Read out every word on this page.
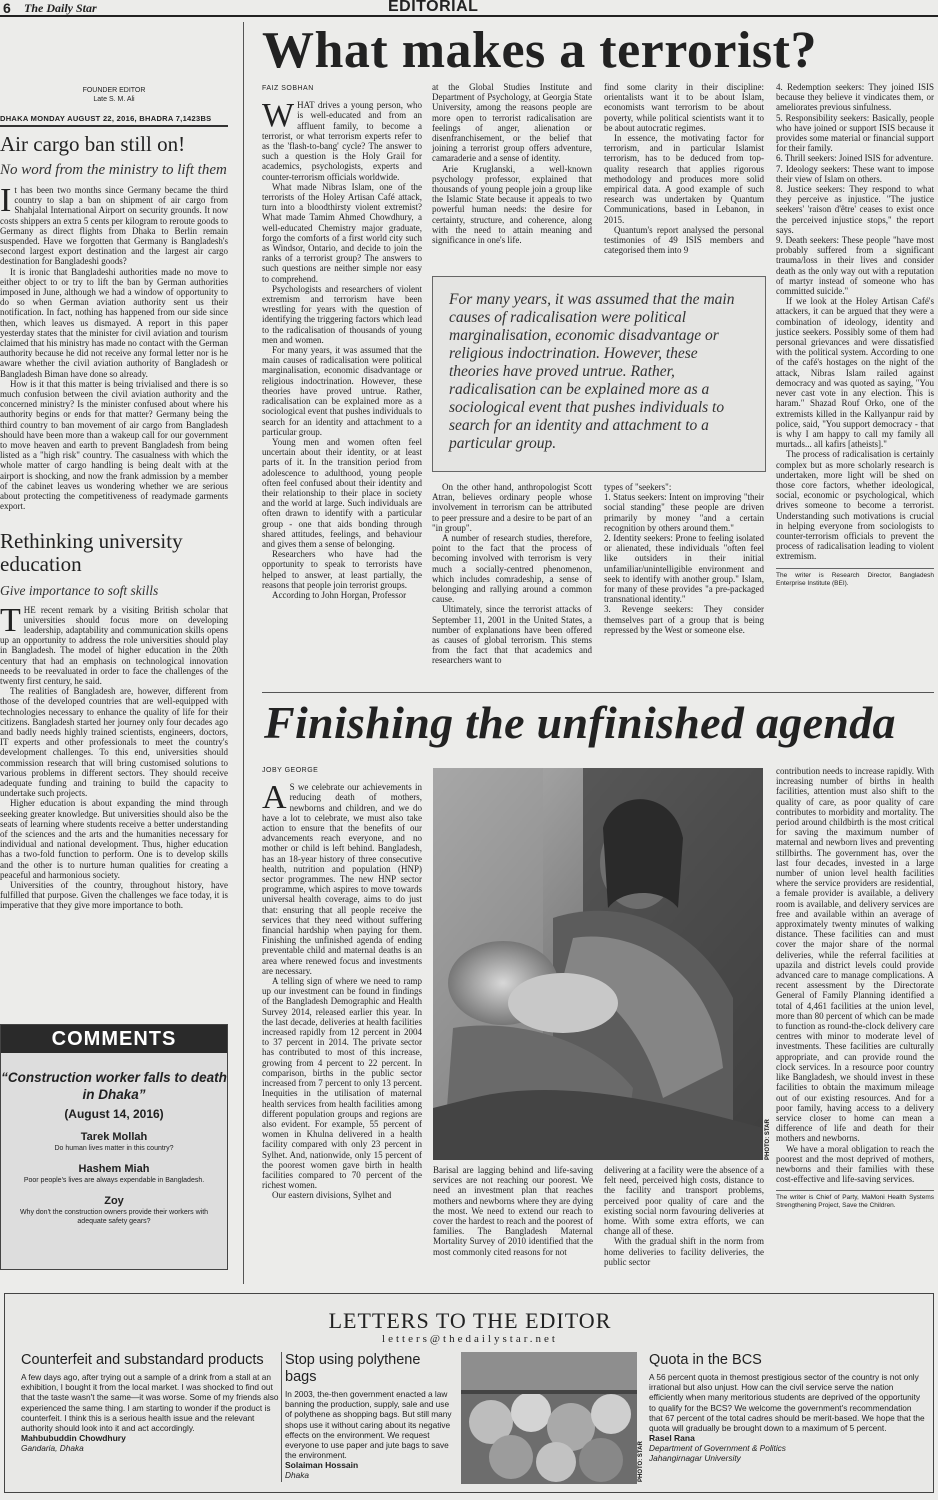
6 The Daily Star	EDITORIAL
FOUNDER EDITOR
Late S. M. Ali
DHAKA MONDAY AUGUST 22, 2016, BHADRA 7,1423BS
Air cargo ban still on!
No word from the ministry to lift them

It has been two months since Germany became the third country to slap a ban on shipment of air cargo from Shahjalal International Airport on security grounds. It now costs shippers an extra 5 cents per kilogram to reroute goods to Germany as direct flights from Dhaka to Berlin remain suspended. Have we forgotten that Germany is Bangladesh's second largest export destination and the largest air cargo destination for Bangladeshi goods?

It is ironic that Bangladeshi authorities made no move to either object to or try to lift the ban by German authorities imposed in June, although we had a window of opportunity to do so when German aviation authority sent us their notification. In fact, nothing has happened from our side since then, which leaves us dismayed. A report in this paper yesterday states that the minister for civil aviation and tourism claimed that his ministry has made no contact with the German authority because he did not receive any formal letter nor is he aware whether the civil aviation authority of Bangladesh or Bangladesh Biman have done so already.

How is it that this matter is being trivialised and there is so much confusion between the civil aviation authority and the concerned ministry? Is the minister confused about where his authority begins or ends for that matter? Germany being the third country to ban movement of air cargo from Bangladesh should have been more than a wakeup call for our government to move heaven and earth to prevent Bangladesh from being listed as a "high risk" country. The casualness with which the whole matter of cargo handling is being dealt with at the airport is shocking, and now the frank admission by a member of the cabinet leaves us wondering whether we are serious about protecting the competitiveness of readymade garments export.

Rethinking university education
Give importance to soft skills

THE recent remark by a visiting British scholar that universities should focus more on developing leadership, adaptability and communication skills opens up an opportunity to address the role universities should play in Bangladesh. The model of higher education in the 20th century that had an emphasis on technological innovation needs to be reevaluated in order to face the challenges of the twenty first century, he said.

The realities of Bangladesh are, however, different from those of the developed countries that are well-equipped with technologies necessary to enhance the quality of life for their citizens. Bangladesh started her journey only four decades ago and badly needs highly trained scientists, engineers, doctors, IT experts and other professionals to meet the country's development challenges. To this end, universities should commission research that will bring customised solutions to various problems in different sectors. They should receive adequate funding and training to build the capacity to undertake such projects.

Higher education is about expanding the mind through seeking greater knowledge. But universities should also be the seats of learning where students receive a better understanding of the sciences and the arts and the humanities necessary for individual and national development. Thus, higher education has a two-fold function to perform. One is to develop skills and the other is to nurture human qualities for creating a peaceful and harmonious society.

Universities of the country, throughout history, have fulfilled that purpose. Given the challenges we face today, it is imperative that they give more importance to both.

COMMENTS
“Construction worker falls to death in Dhaka”
(August 14, 2016)
Tarek Mollah
Do human lives matter in this country?
Hashem Miah
Poor people's lives are always expendable in Bangladesh.
Zoy
Why don't the construction owners provide their workers with adequate safety gears?
What makes a terrorist?
FAIZ SOBHAN

WHAT drives a young person, who is well-educated and from an affluent family, to become a terrorist, or what terrorism experts refer to as the 'flash-to-bang' cycle? The answer to such a question is the Holy Grail for academics, psychologists, experts and counter-terrorism officials worldwide.

What made Nibras Islam, one of the terrorists of the Holey Artisan Café attack, turn into a bloodthirsty violent extremist? What made Tamim Ahmed Chowdhury, a well-educated Chemistry major graduate, forgo the comforts of a first world city such as Windsor, Ontario, and decide to join the ranks of a terrorist group? The answers to such questions are neither simple nor easy to comprehend.

Psychologists and researchers of violent extremism and terrorism have been wrestling for years with the question of identifying the triggering factors which lead to the radicalisation of thousands of young men and women.

For many years, it was assumed that the main causes of radicalisation were political marginalisation, economic disadvantage or religious indoctrination. However, these theories have proved untrue. Rather, radicalisation can be explained more as a sociological event that pushes individuals to search for an identity and attachment to a particular group.

Young men and women often feel uncertain about their identity, or at least parts of it. In the transition period from adolescence to adulthood, young people often feel confused about their identity and their relationship to their place in society and the world at large. Such individuals are often drawn to identify with a particular group - one that aids bonding through shared attitudes, feelings, and behaviour and gives them a sense of belonging.

Researchers who have had the opportunity to speak to terrorists have helped to answer, at least partially, the reasons that people join terrorist groups.

According to John Horgan, Professor

at the Global Studies Institute and Department of Psychology, at Georgia State University, among the reasons people are more open to terrorist radicalisation are feelings of anger, alienation or disenfranchisement, or the belief that joining a terrorist group offers adventure, camaraderie and a sense of identity.

Arie Kruglanski, a well-known psychology professor, explained that thousands of young people join a group like the Islamic State because it appeals to two powerful human needs: the desire for certainty, structure, and coherence, along with the need to attain meaning and significance in one's life.

find some clarity in their discipline: orientalists want it to be about Islam, economists want terrorism to be about poverty, while political scientists want it to be about autocratic regimes.

In essence, the motivating factor for terrorism, and in particular Islamist terrorism, has to be deduced from top-quality research that applies rigorous methodology and produces more solid empirical data. A good example of such research was undertaken by Quantum Communications, based in Lebanon, in 2015.

Quantum's report analysed the personal testimonies of 49 ISIS members and categorised them into 9

For many years, it was assumed that the main causes of radicalisation were political marginalisation, economic disadvantage or religious indoctrination. However, these theories have proved untrue. Rather, radicalisation can be explained more as a sociological event that pushes individuals to search for an identity and attachment to a particular group.

On the other hand, anthropologist Scott Atran, believes ordinary people whose involvement in terrorism can be attributed to peer pressure and a desire to be part of an "in group".

A number of research studies, therefore, point to the fact that the process of becoming involved with terrorism is very much a socially-centred phenomenon, which includes comradeship, a sense of belonging and rallying around a common cause.

Ultimately, since the terrorist attacks of September 11, 2001 in the United States, a number of explanations have been offered as causes of global terrorism. This stems from the fact that that academics and researchers want to

types of "seekers":

1. Status seekers: Intent on improving "their social standing" these people are driven primarily by money "and a certain recognition by others around them."

2. Identity seekers: Prone to feeling isolated or alienated, these individuals "often feel like outsiders in their initial unfamiliar/unintelligible environment and seek to identify with another group." Islam, for many of these provides "a pre-packaged transnational identity."

3. Revenge seekers: They consider themselves part of a group that is being repressed by the West or someone else.

4. Redemption seekers: They joined ISIS because they believe it vindicates them, or ameliorates previous sinfulness.

5. Responsibility seekers: Basically, people who have joined or support ISIS because it provides some material or financial support for their family.

6. Thrill seekers: Joined ISIS for adventure.

7. Ideology seekers: These want to impose their view of Islam on others.

8. Justice seekers: They respond to what they perceive as injustice. "The justice seekers' 'raison d'être' ceases to exist once the perceived injustice stops," the report says.

9. Death seekers: These people "have most probably suffered from a significant trauma/loss in their lives and consider death as the only way out with a reputation of martyr instead of someone who has committed suicide."

If we look at the Holey Artisan Café's attackers, it can be argued that they were a combination of ideology, identity and justice seekers. Possibly some of them had personal grievances and were dissatisfied with the political system. According to one of the café's hostages on the night of the attack, Nibras Islam railed against democracy and was quoted as saying, "You never cast vote in any election. This is haram." Shazad Rouf Orko, one of the extremists killed in the Kallyanpur raid by police, said, "You support democracy - that is why I am happy to call my family all murtads... all kafirs [atheists]."

The process of radicalisation is certainly complex but as more scholarly research is undertaken, more light will be shed on those core factors, whether ideological, social, economic or psychological, which drives someone to become a terrorist. Understanding such motivations is crucial in helping everyone from sociologists to counter-terrorism officials to prevent the process of radicalisation leading to violent extremism.

The writer is Research Director, Bangladesh Enterprise Institute (BEI).
Finishing the unfinished agenda
JOBY GEORGE

AS we celebrate our achievements in reducing death of mothers, newborns and children, and we do have a lot to celebrate, we must also take action to ensure that the benefits of our advancements reach everyone, and no mother or child is left behind. Bangladesh, has an 18-year history of three consecutive health, nutrition and population (HNP) sector programmes. The new HNP sector programme, which aspires to move towards universal health coverage, aims to do just that: ensuring that all people receive the services that they need without suffering financial hardship when paying for them. Finishing the unfinished agenda of ending preventable child and maternal deaths is an area where renewed focus and investments are necessary.

A telling sign of where we need to ramp up our investment can be found in findings of the Bangladesh Demographic and Health Survey 2014, released earlier this year. In the last decade, deliveries at health facilities increased rapidly from 12 percent in 2004 to 37 percent in 2014. The private sector has contributed to most of this increase, growing from 4 percent to 22 percent. In comparison, births in the public sector increased from 7 percent to only 13 percent. Inequities in the utilisation of maternal health services from health facilities among different population groups and regions are also evident. For example, 55 percent of women in Khulna delivered in a health facility compared with only 23 percent in Sylhet. And, nationwide, only 15 percent of the poorest women gave birth in health facilities compared to 70 percent of the richest women.

Our eastern divisions, Sylhet and

PHOTO: STAR

Barisal are lagging behind and life-saving services are not reaching our poorest. We need an investment plan that reaches mothers and newborns where they are dying the most. We need to extend our reach to cover the hardest to reach and the poorest of families. The Bangladesh Maternal Mortality Survey of 2010 identified that the most commonly cited reasons for not

delivering at a facility were the absence of a felt need, perceived high costs, distance to the facility and transport problems, perceived poor quality of care and the existing social norm favouring deliveries at home. With some extra efforts, we can change all of these.

With the gradual shift in the norm from home deliveries to facility deliveries, the public sector

contribution needs to increase rapidly. With increasing number of births in health facilities, attention must also shift to the quality of care, as poor quality of care contributes to morbidity and mortality. The period around childbirth is the most critical for saving the maximum number of maternal and newborn lives and preventing stillbirths. The government has, over the last four decades, invested in a large number of union level health facilities where the service providers are residential, a female provider is available, a delivery room is available, and delivery services are free and available within an average of approximately twenty minutes of walking distance. These facilities can and must cover the major share of the normal deliveries, while the referral facilities at upazila and district levels could provide advanced care to manage complications. A recent assessment by the Directorate General of Family Planning identified a total of 4,461 facilities at the union level, more than 80 percent of which can be made to function as round-the-clock delivery care centres with minor to moderate level of investments. These facilities are culturally appropriate, and can provide round the clock services. In a resource poor country like Bangladesh, we should invest in these facilities to obtain the maximum mileage out of our existing resources. And for a poor family, having access to a delivery service closer to home can mean a difference of life and death for their mothers and newborns.

We have a moral obligation to reach the poorest and the most deprived of mothers, newborns and their families with these cost-effective and life-saving services.

The writer is Chief of Party, MaMoni Health Systems Strengthening Project, Save the Children.
LETTERS TO THE EDITOR
letters@thedailystar.net
Counterfeit and substandard products
A few days ago, after trying out a sample of a drink from a stall at an exhibition, I bought it from the local market. I was shocked to find out that the taste wasn't the same—it was worse. Some of my friends also experienced the same thing. I am starting to wonder if the product is counterfeit. I think this is a serious health issue and the relevant authority should look into it and act accordingly.
Mahbubuddin Chowdhury
Gandaria, Dhaka
Stop using polythene bags
In 2003, the-then government enacted a law banning the production, supply, sale and use of polythene as shopping bags. But still many shops use it without caring about its negative effects on the environment. We request everyone to use paper and jute bags to save the environment.
Solaiman Hossain
Dhaka	PHOTO: STAR
Quota in the BCS
A 56 percent quota in themost prestigious sector of the country is not only irrational but also unjust. How can the civil service serve the nation efficiently when many meritorious students are deprived of the opportunity to qualify for the BCS? We welcome the government's recommendation that 67 percent of the total cadres should be merit-based. We hope that the quota will gradually be brought down to a maximum of 5 percent.
Rasel Rana
Department of Government & Politics
Jahangirnagar University
